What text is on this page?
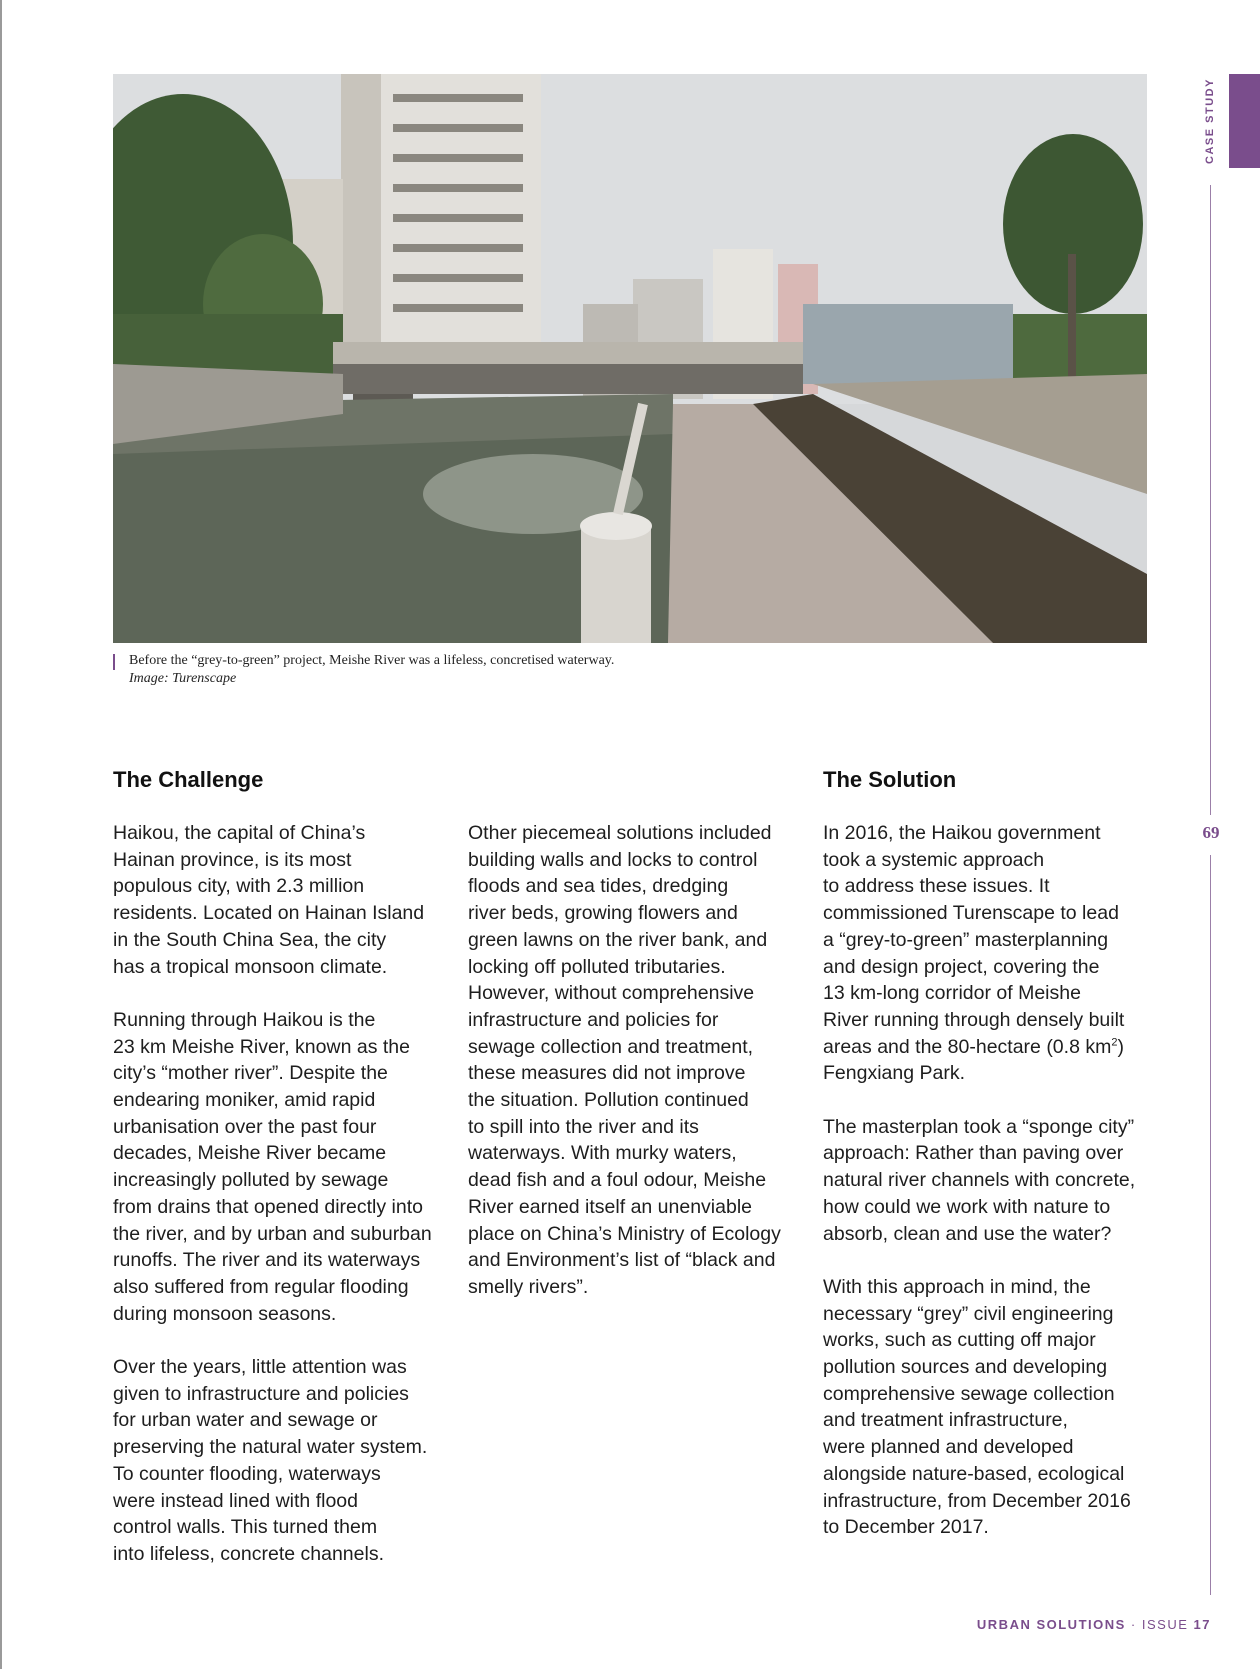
Before the “grey-to-green” project, Meishe River was a lifeless, concretised waterway.
Image: Turenscape
The Challenge	The Solution

Haikou, the capital of China’s
Hainan province, is its most
populous city, with 2.3 million
residents. Located on Hainan Island
in the South China Sea, the city
has a tropical monsoon climate.

Running through Haikou is the
23 km Meishe River, known as the
city’s “mother river”. Despite the
endearing moniker, amid rapid
urbanisation over the past four
decades, Meishe River became
increasingly polluted by sewage
from drains that opened directly into
the river, and by urban and suburban
runoffs. The river and its waterways
also suffered from regular flooding
during monsoon seasons.

Over the years, little attention was
given to infrastructure and policies
for urban water and sewage or
preserving the natural water system.
To counter flooding, waterways
were instead lined with flood
control walls. This turned them
into lifeless, concrete channels.

Other piecemeal solutions included
building walls and locks to control
floods and sea tides, dredging
river beds, growing flowers and
green lawns on the river bank, and
locking off polluted tributaries.
However, without comprehensive
infrastructure and policies for
sewage collection and treatment,
these measures did not improve
the situation. Pollution continued
to spill into the river and its
waterways. With murky waters,
dead fish and a foul odour, Meishe
River earned itself an unenviable
place on China’s Ministry of Ecology
and Environment’s list of “black and
smelly rivers”.

In 2016, the Haikou government
took a systemic approach
to address these issues. It
commissioned Turenscape to lead
a “grey-to-green” masterplanning
and design project, covering the
13 km-long corridor of Meishe
River running through densely built
areas and the 80-hectare (0.8 $km^2$)
Fengxiang Park.

The masterplan took a “sponge city”
approach: Rather than paving over
natural river channels with concrete,
how could we work with nature to
absorb, clean and use the water?

With this approach in mind, the
necessary “grey” civil engineering
works, such as cutting off major
pollution sources and developing
comprehensive sewage collection
and treatment infrastructure,
were planned and developed
alongside nature-based, ecological
infrastructure, from December 2016
to December 2017.

CASE STUDY
69
URBAN SOLUTIONS · ISSUE 17
